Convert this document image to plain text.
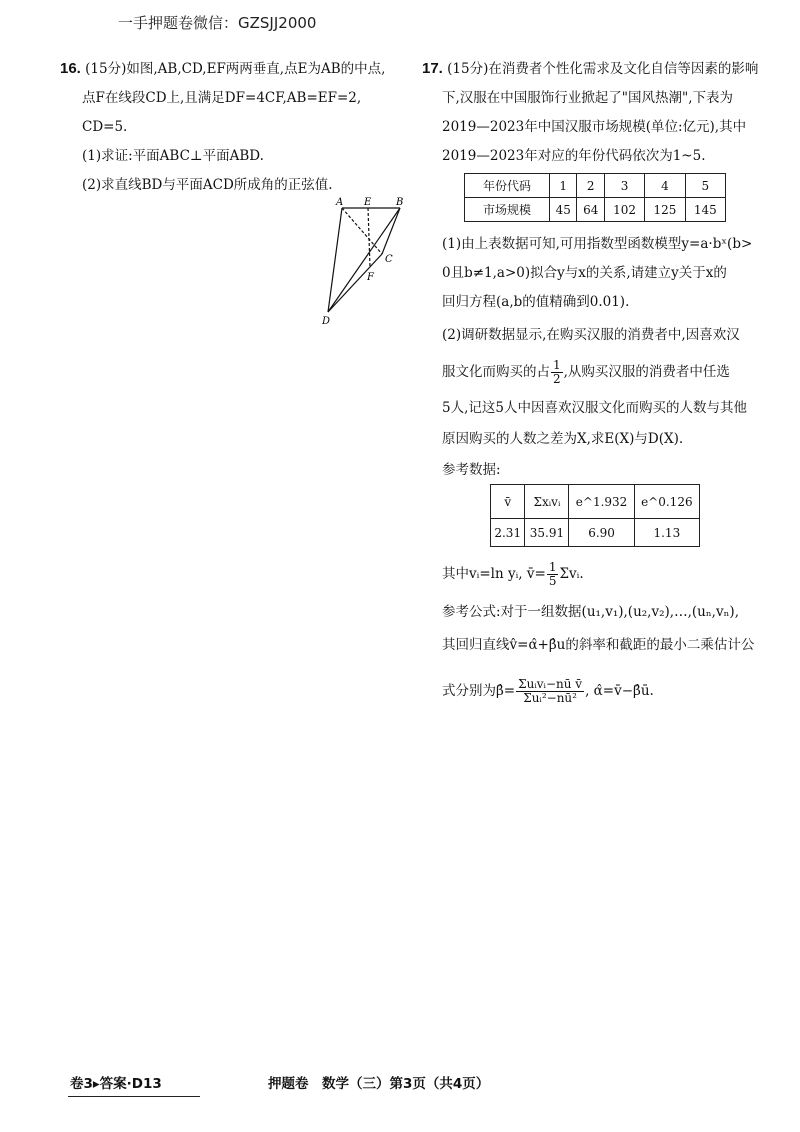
一手押题卷微信：GZSJJ2000
16. (15分)如图,AB,CD,EF两两垂直,点E为AB的中点,
点F在线段CD上,且满足DF=4CF,AB=EF=2,
CD=5.
(1)求证:平面ABC⊥平面ABD.
(2)求直线BD与平面ACD所成角的正弦值.
A E B
C
F
D
17. (15分)在消费者个性化需求及文化自信等因素的影响
下,汉服在中国服饰行业掀起了"国风热潮",下表为
2019—2023年中国汉服市场规模(单位:亿元),其中
2019—2023年对应的年份代码依次为1~5.
年份代码	1	2	3	4	5
市场规模	45	64	102	125	145
(1)由上表数据可知,可用指数型函数模型y=a·bˣ(b>
0且b≠1,a>0)拟合y与x的关系,请建立y关于x的
回归方程(a,b的值精确到0.01).
(2)调研数据显示,在购买汉服的消费者中,因喜欢汉
服文化而购买的占 $\frac{1}{2}$ ,从购买汉服的消费者中任选
5人,记这5人中因喜欢汉服文化而购买的人数与其他
原因购买的人数之差为X,求E(X)与D(X).
参考数据:
v̄	Σxᵢvᵢ	e^1.932	e^0.126
2.31	35.91	6.90	1.13
其中vᵢ=ln yᵢ, v̄= $\frac{1}{5}$ Σvᵢ.
参考公式:对于一组数据(u₁,v₁),(u₂,v₂),…,(uₙ,vₙ),
其回归直线v̂=α̂+β̂u的斜率和截距的最小二乘估计公
式分别为β̂= $\frac{\text{Σuᵢvᵢ−nū v̄}}{\text{Σuᵢ²−nū²}}$ , α̂=v̄−β̂ū.
卷3▸答案·D13	押题卷　数学（三）第3页（共4页）
